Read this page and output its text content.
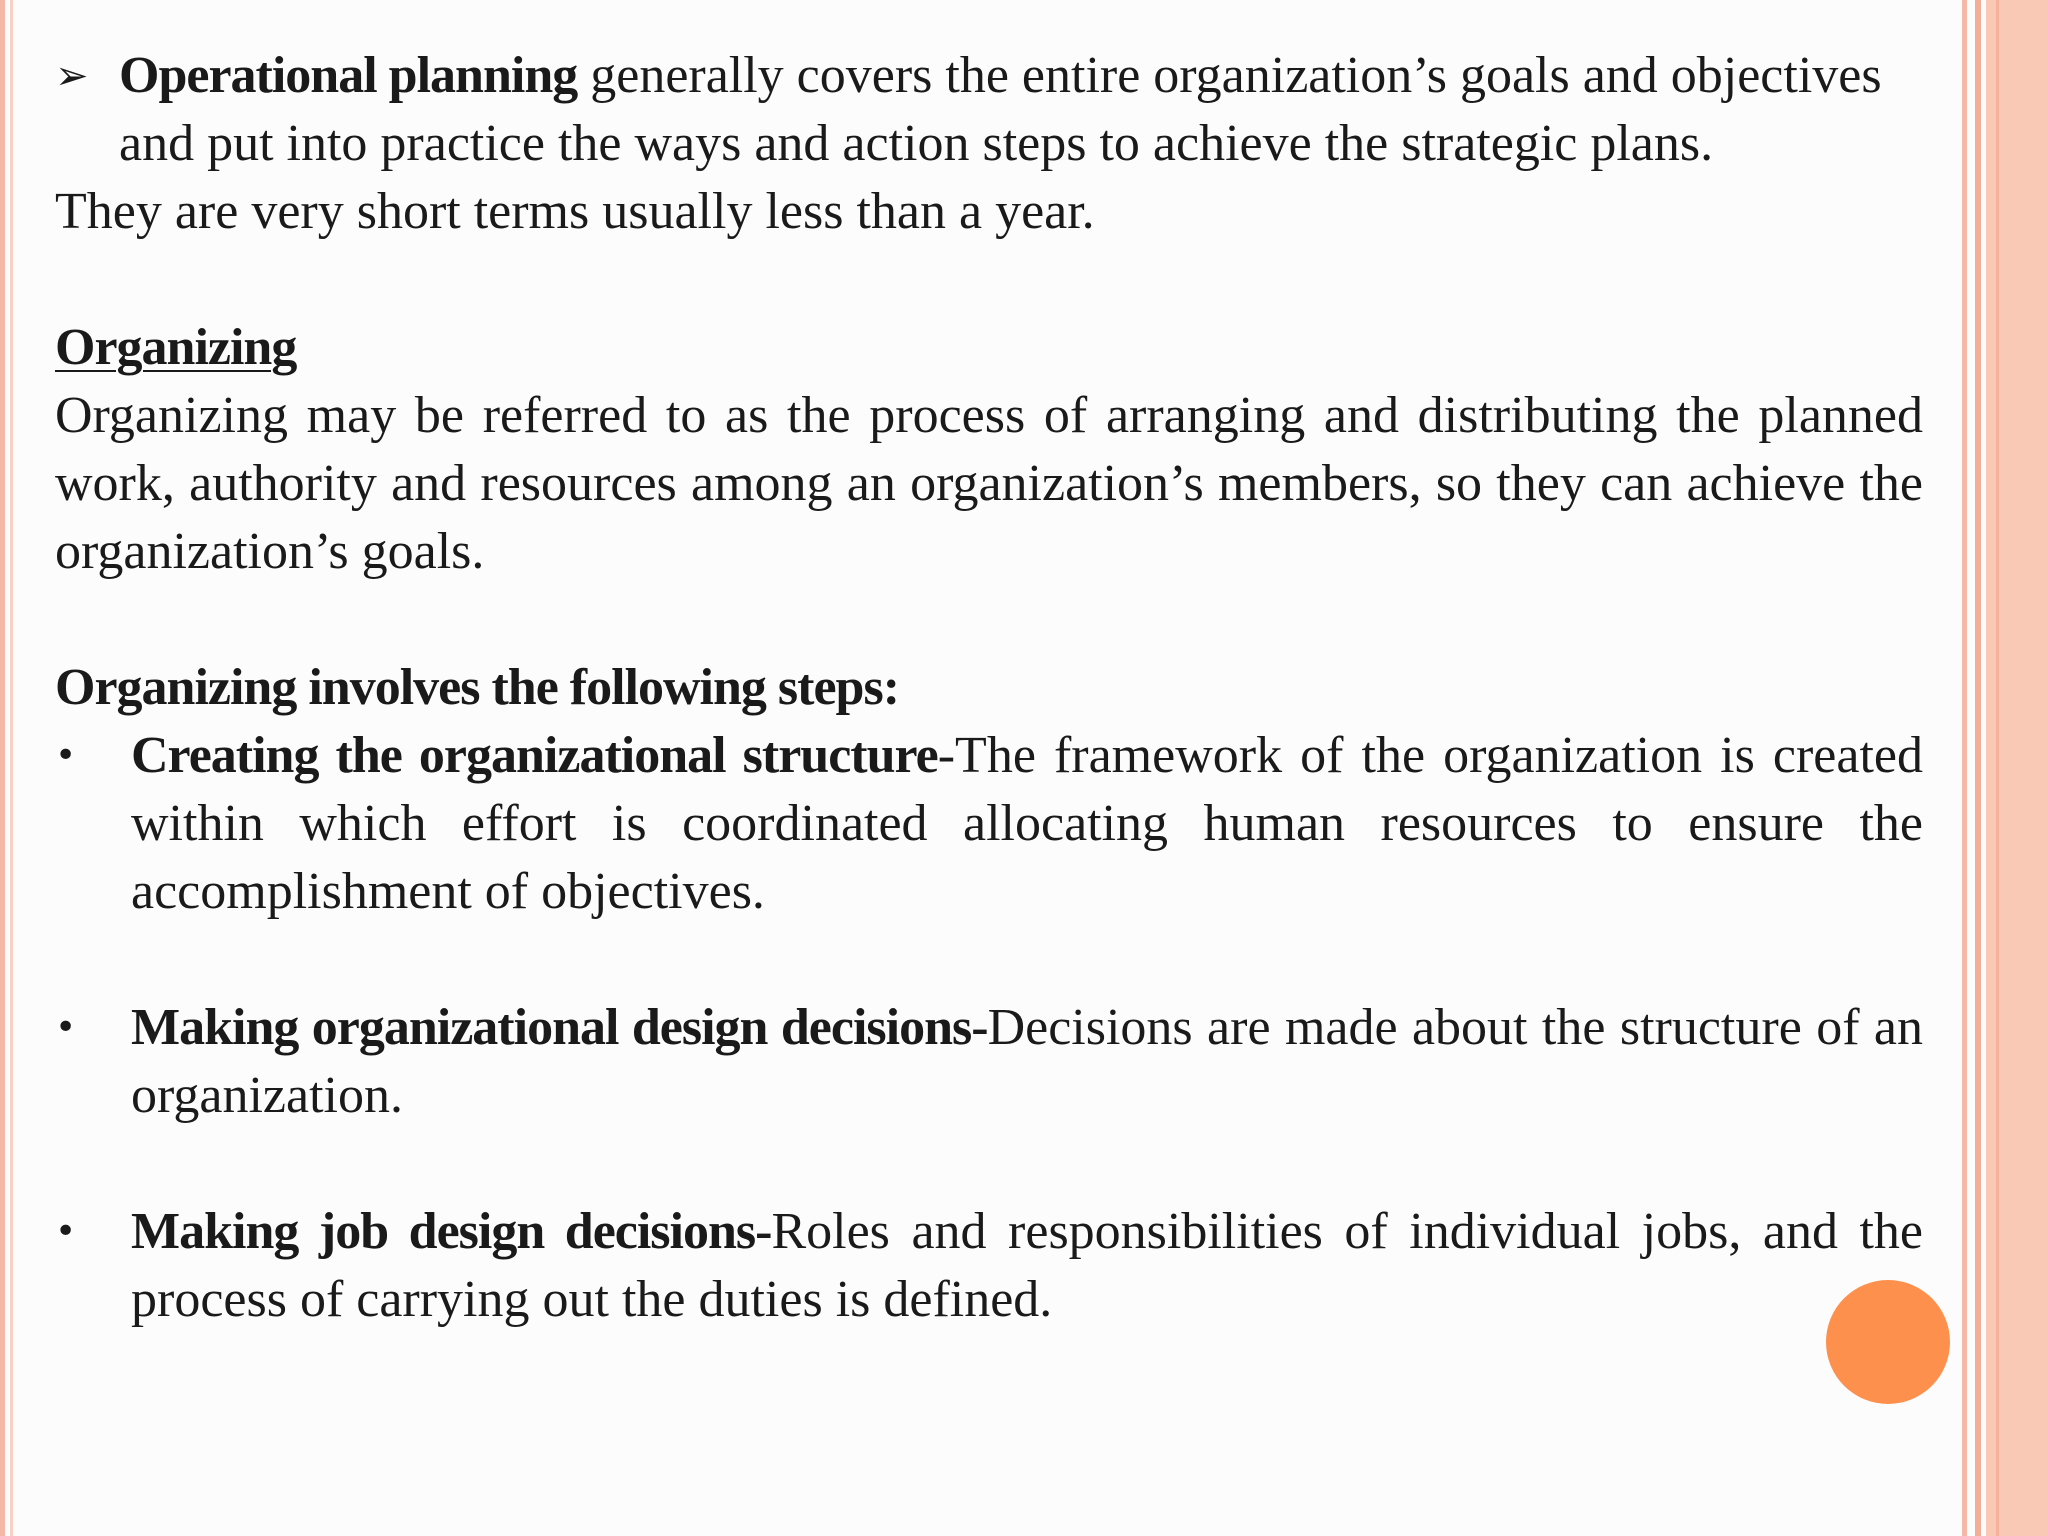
➢ Operational planning generally covers the entire organization’s goals and objectives and put into practice the ways and action steps to achieve the strategic plans.
They are very short terms usually less than a year.
Organizing
Organizing may be referred to as the process of arranging and distributing the planned work, authority and resources among an organization’s members, so they can achieve the organization’s goals.
Organizing involves the following steps:
• Creating the organizational structure-The framework of the organization is created within which effort is coordinated allocating human resources to ensure the accomplishment of objectives.
• Making organizational design decisions-Decisions are made about the structure of an organization.
• Making job design decisions-Roles and responsibilities of individual jobs, and the process of carrying out the duties is defined.
